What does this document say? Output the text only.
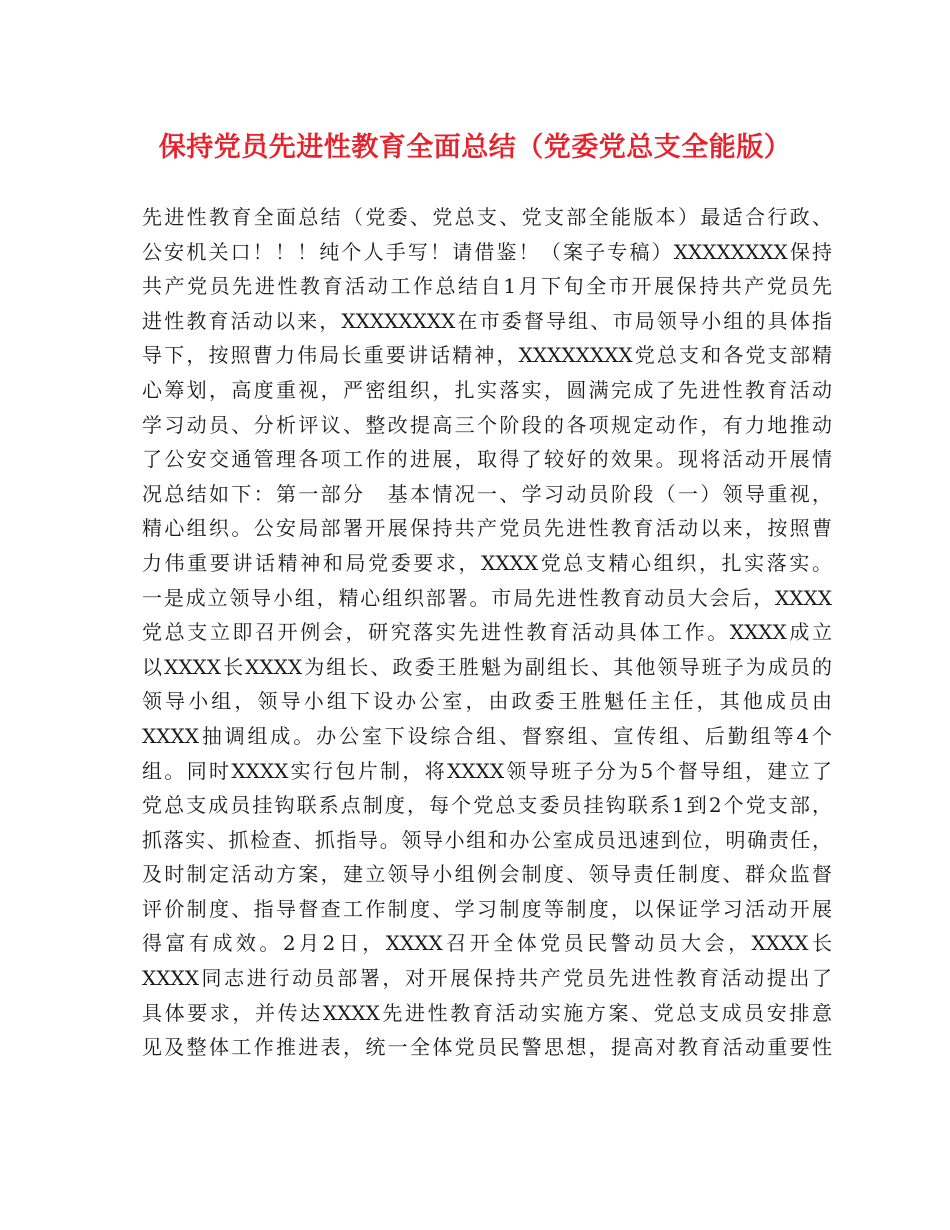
保持党员先进性教育全面总结（党委党总支全能版）
先进性教育全面总结（党委、党总支、党支部全能版本）最适合行政、
公安机关口！！！纯个人手写！请借鉴！（案子专稿）XXXXXXXX保持
共产党员先进性教育活动工作总结自1月下旬全市开展保持共产党员先
进性教育活动以来，XXXXXXXX在市委督导组、市局领导小组的具体指
导下，按照曹力伟局长重要讲话精神，XXXXXXXX党总支和各党支部精
心筹划，高度重视，严密组织，扎实落实，圆满完成了先进性教育活动
学习动员、分析评议、整改提高三个阶段的各项规定动作，有力地推动
了公安交通管理各项工作的进展，取得了较好的效果。现将活动开展情
况总结如下：第一部分　基本情况一、学习动员阶段（一）领导重视，
精心组织。公安局部署开展保持共产党员先进性教育活动以来，按照曹
力伟重要讲话精神和局党委要求，XXXX党总支精心组织，扎实落实。
一是成立领导小组，精心组织部署。市局先进性教育动员大会后，XXXX
党总支立即召开例会，研究落实先进性教育活动具体工作。XXXX成立
以XXXX长XXXX为组长、政委王胜魁为副组长、其他领导班子为成员的
领导小组，领导小组下设办公室，由政委王胜魁任主任，其他成员由
XXXX抽调组成。办公室下设综合组、督察组、宣传组、后勤组等4个
组。同时XXXX实行包片制，将XXXX领导班子分为5个督导组，建立了
党总支成员挂钩联系点制度，每个党总支委员挂钩联系1到2个党支部，
抓落实、抓检查、抓指导。领导小组和办公室成员迅速到位，明确责任，
及时制定活动方案，建立领导小组例会制度、领导责任制度、群众监督
评价制度、指导督查工作制度、学习制度等制度，以保证学习活动开展
得富有成效。2月2日，XXXX召开全体党员民警动员大会，XXXX长
XXXX同志进行动员部署，对开展保持共产党员先进性教育活动提出了
具体要求，并传达XXXX先进性教育活动实施方案、党总支成员安排意
见及整体工作推进表，统一全体党员民警思想，提高对教育活动重要性
